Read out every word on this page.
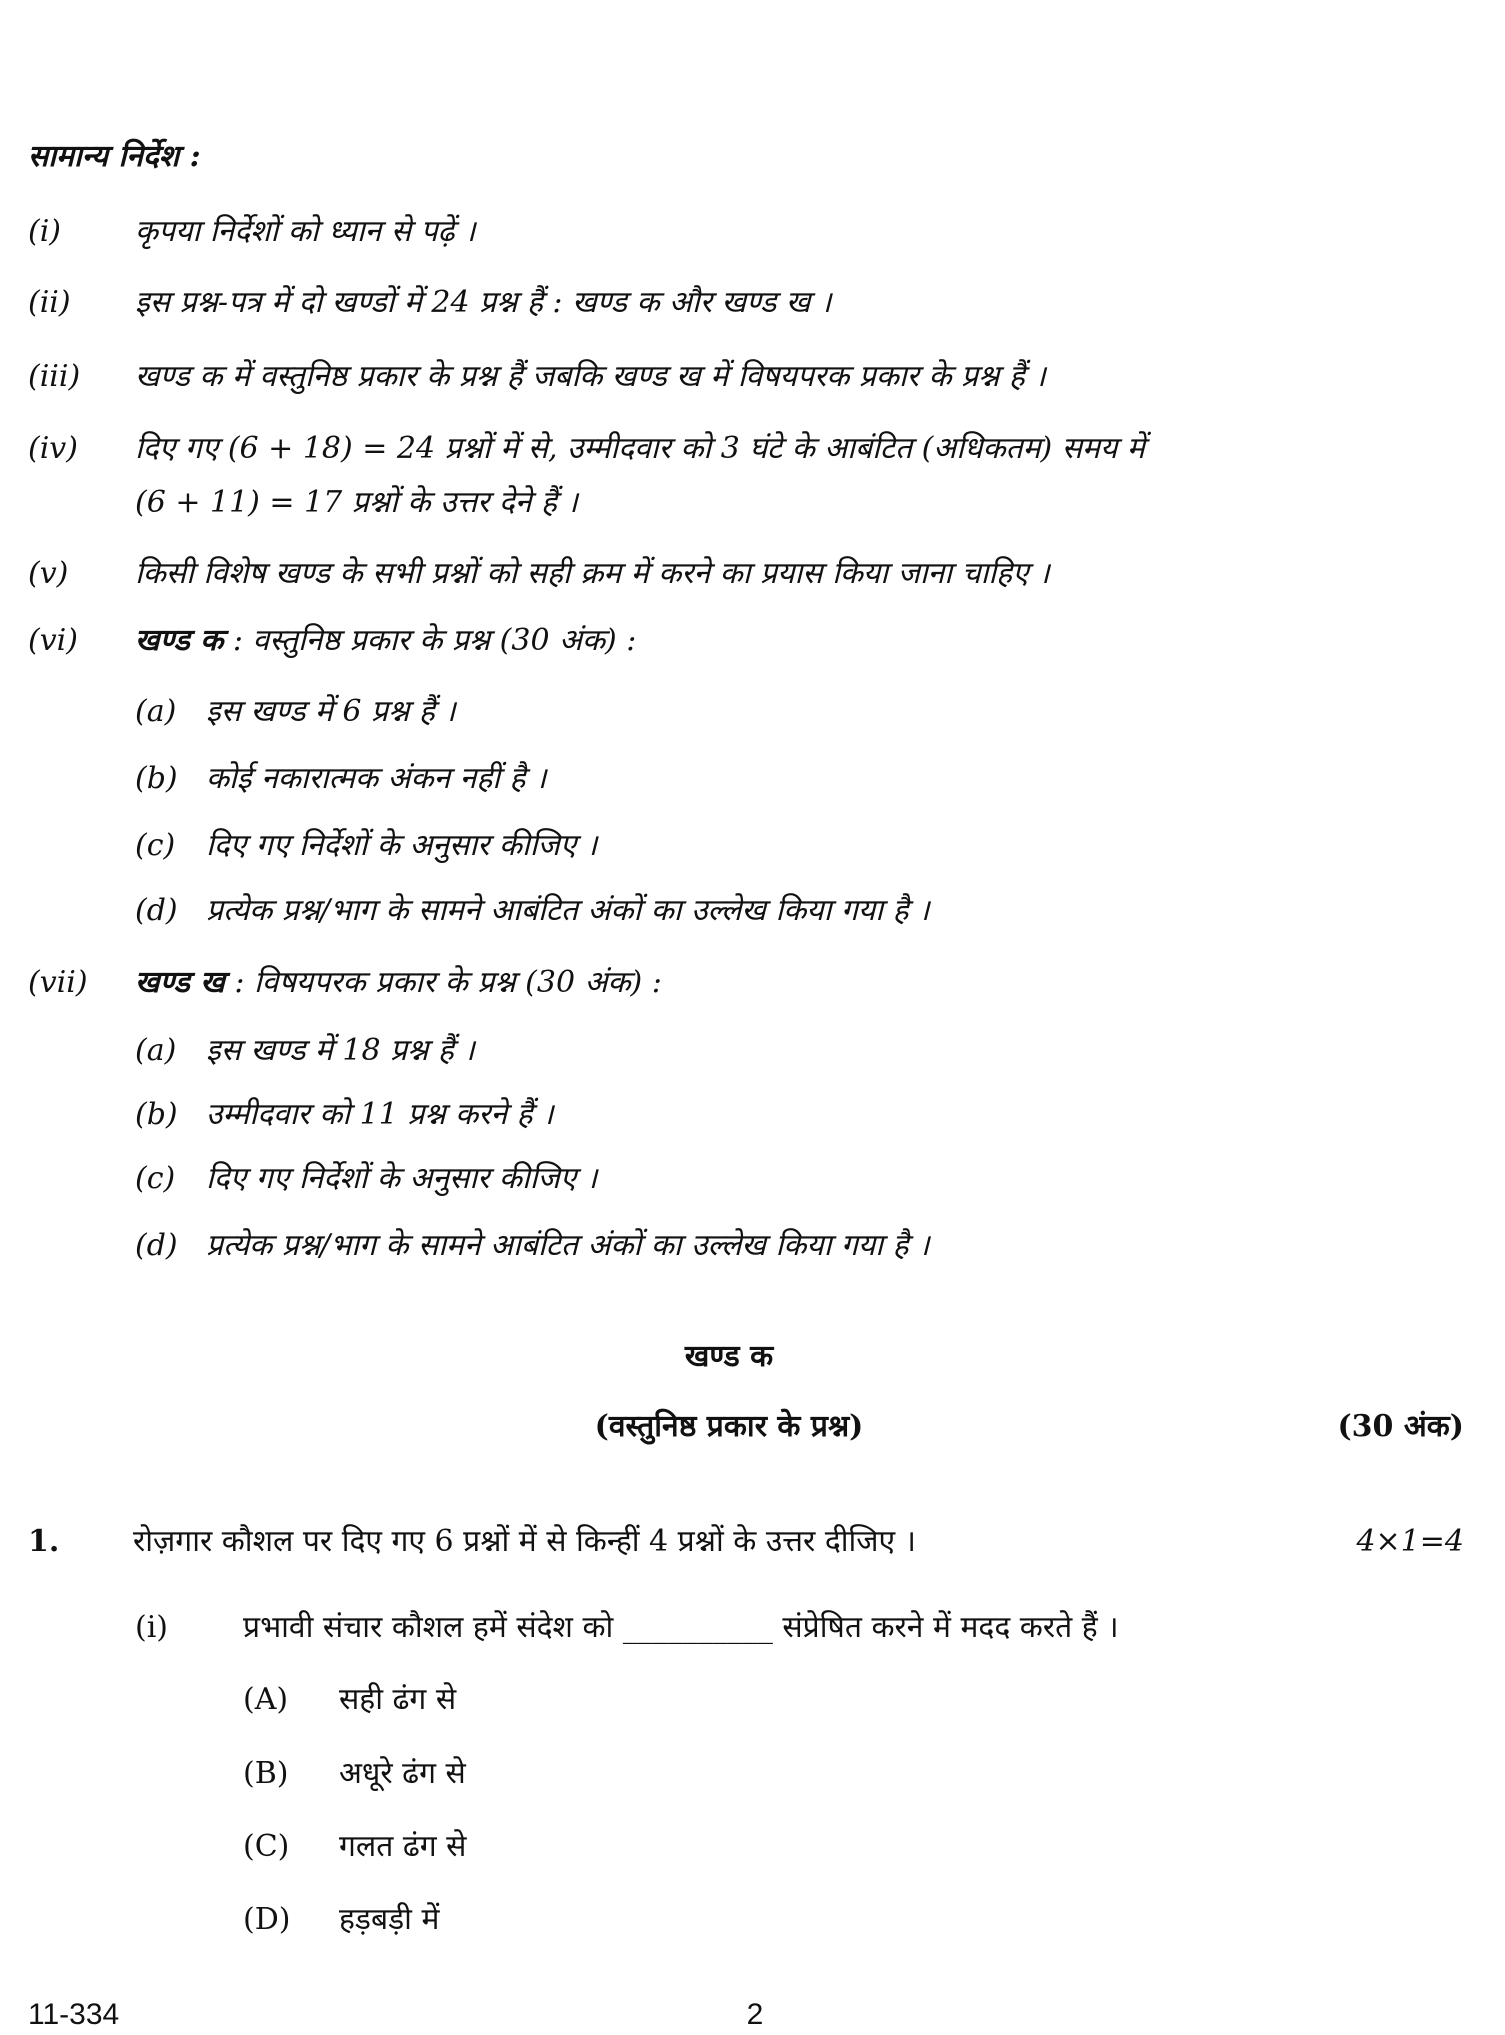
सामान्य निर्देश :
(i) कृपया निर्देशों को ध्यान से पढ़ें ।
(ii) इस प्रश्न-पत्र में दो खण्डों में 24 प्रश्न हैं : खण्ड क और खण्ड ख ।
(iii) खण्ड क में वस्तुनिष्ठ प्रकार के प्रश्न हैं जबकि खण्ड ख में विषयपरक प्रकार के प्रश्न हैं ।
(iv) दिए गए (6 + 18) = 24 प्रश्नों में से, उम्मीदवार को 3 घंटे के आबंटित (अधिकतम) समय में
(6 + 11) = 17 प्रश्नों के उत्तर देने हैं ।
(v) किसी विशेष खण्ड के सभी प्रश्नों को सही क्रम में करने का प्रयास किया जाना चाहिए ।
(vi) खण्ड क : वस्तुनिष्ठ प्रकार के प्रश्न (30 अंक) :
(a) इस खण्ड में 6 प्रश्न हैं ।
(b) कोई नकारात्मक अंकन नहीं है ।
(c) दिए गए निर्देशों के अनुसार कीजिए ।
(d) प्रत्येक प्रश्न/भाग के सामने आबंटित अंकों का उल्लेख किया गया है ।
(vii) खण्ड ख : विषयपरक प्रकार के प्रश्न (30 अंक) :
(a) इस खण्ड में 18 प्रश्न हैं ।
(b) उम्मीदवार को 11 प्रश्न करने हैं ।
(c) दिए गए निर्देशों के अनुसार कीजिए ।
(d) प्रत्येक प्रश्न/भाग के सामने आबंटित अंकों का उल्लेख किया गया है ।
खण्ड क
(वस्तुनिष्ठ प्रकार के प्रश्न)	(30 अंक)
1. रोज़गार कौशल पर दिए गए 6 प्रश्नों में से किन्हीं 4 प्रश्नों के उत्तर दीजिए ।	4×1=4
(i) प्रभावी संचार कौशल हमें संदेश को __________ संप्रेषित करने में मदद करते हैं ।
(A) सही ढंग से
(B) अधूरे ढंग से
(C) गलत ढंग से
(D) हड़बड़ी में
11-334	2
